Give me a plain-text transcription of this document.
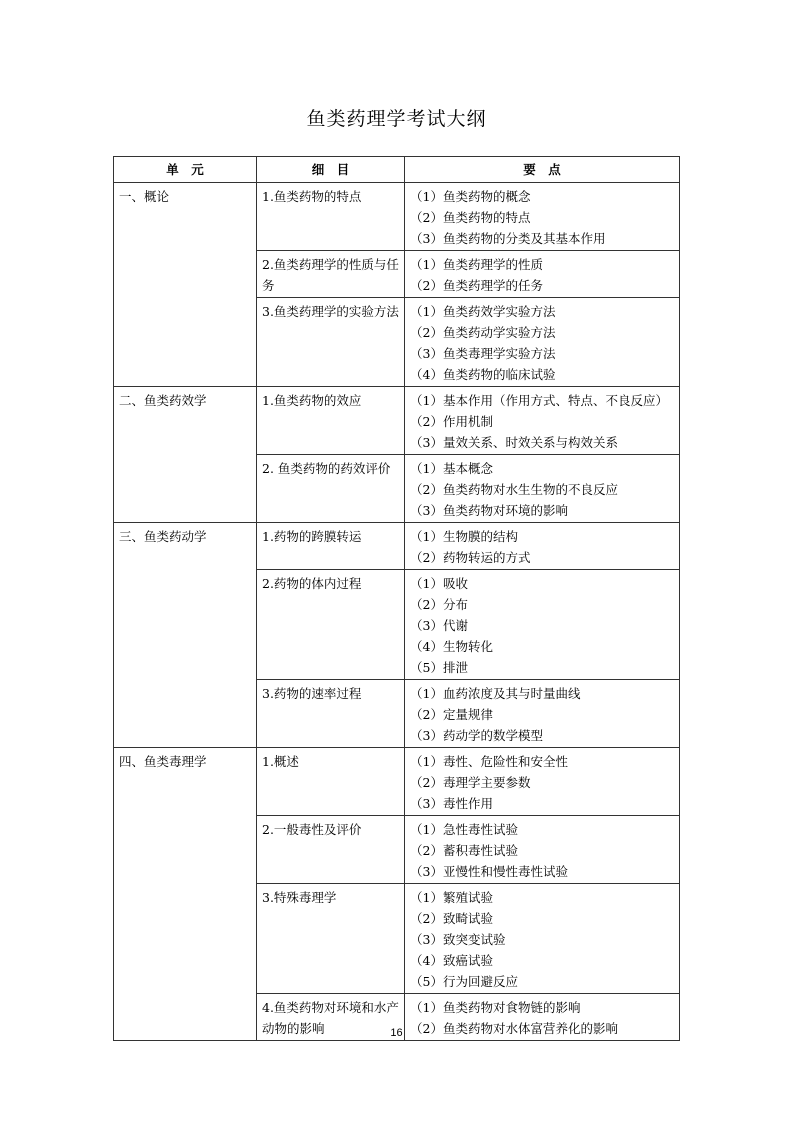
鱼类药理学考试大纲
单　元	细　目	要　点
一、概论	1.鱼类药物的特点	（1）鱼类药物的概念
（2）鱼类药物的特点
（3）鱼类药物的分类及其基本作用

	2.鱼类药理学的性质与任务	（1）鱼类药理学的性质
（2）鱼类药理学的任务

	3.鱼类药理学的实验方法	（1）鱼类药效学实验方法
（2）鱼类药动学实验方法
（3）鱼类毒理学实验方法
（4）鱼类药物的临床试验

二、鱼类药效学	1.鱼类药物的效应	（1）基本作用（作用方式、特点、不良反应）
（2）作用机制
（3）量效关系、时效关系与构效关系

	2. 鱼类药物的药效评价	（1）基本概念
（2）鱼类药物对水生生物的不良反应
（3）鱼类药物对环境的影响

三、鱼类药动学	1.药物的跨膜转运	（1）生物膜的结构
（2）药物转运的方式

	2.药物的体内过程	（1）吸收
（2）分布
（3）代谢
（4）生物转化
（5）排泄

	3.药物的速率过程	（1）血药浓度及其与时量曲线
（2）定量规律
（3）药动学的数学模型

四、鱼类毒理学	1.概述	（1）毒性、危险性和安全性
（2）毒理学主要参数
（3）毒性作用

	2.一般毒性及评价	（1）急性毒性试验
（2）蓄积毒性试验
（3）亚慢性和慢性毒性试验

	3.特殊毒理学	（1）繁殖试验
（2）致畸试验
（3）致突变试验
（4）致癌试验
（5）行为回避反应

	4.鱼类药物对环境和水产动物的影响	（1）鱼类药物对食物链的影响
（2）鱼类药物对水体富营养化的影响
16
